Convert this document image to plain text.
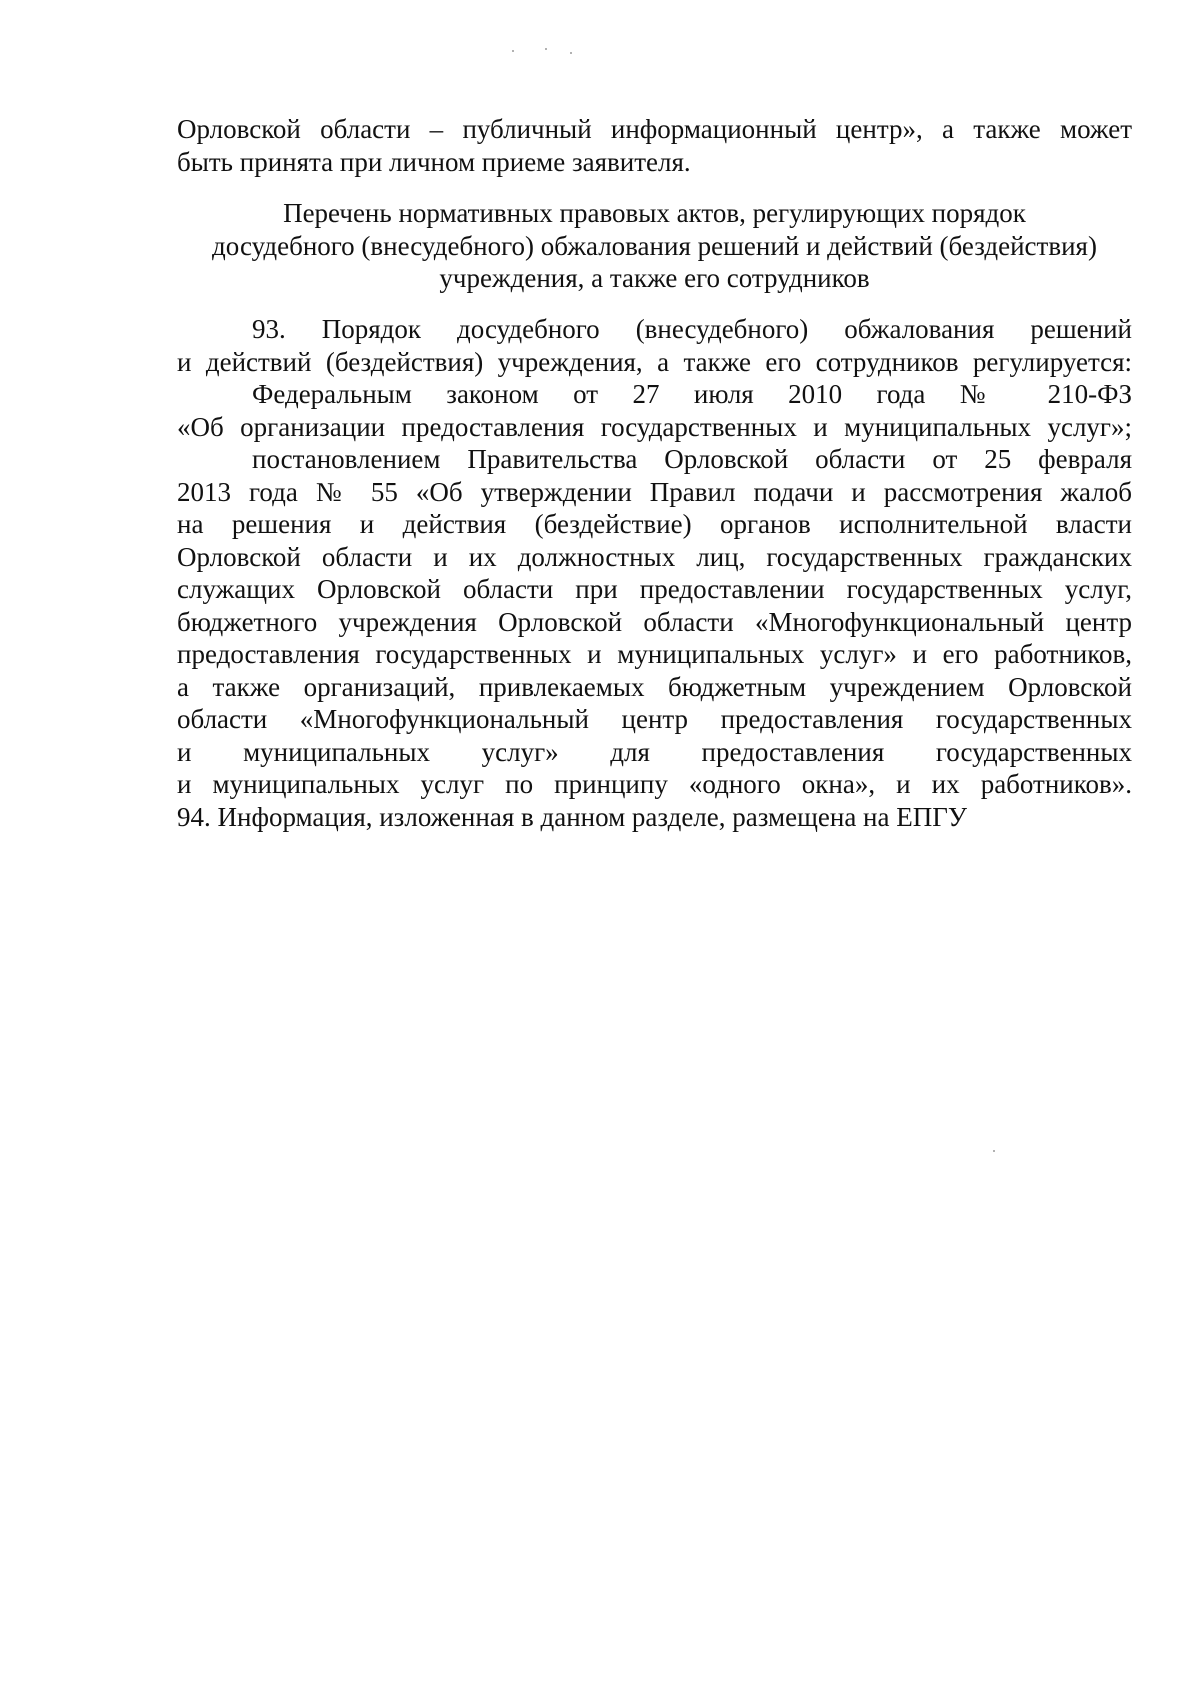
Орловской области – публичный информационный центр», а также может
быть принята при личном приеме заявителя.
Перечень нормативных правовых актов, регулирующих порядок
досудебного (внесудебного) обжалования решений и действий (бездействия)
учреждения, а также его сотрудников
93. Порядок досудебного (внесудебного) обжалования решений
и действий (бездействия) учреждения, а также его сотрудников регулируется:
Федеральным законом от 27 июля 2010 года № 210-ФЗ
«Об организации предоставления государственных и муниципальных услуг»;
постановлением Правительства Орловской области от 25 февраля
2013 года № 55 «Об утверждении Правил подачи и рассмотрения жалоб
на решения и действия (бездействие) органов исполнительной власти
Орловской области и их должностных лиц, государственных гражданских
служащих Орловской области при предоставлении государственных услуг,
бюджетного учреждения Орловской области «Многофункциональный центр
предоставления государственных и муниципальных услуг» и его работников,
а также организаций, привлекаемых бюджетным учреждением Орловской
области «Многофункциональный центр предоставления государственных
и муниципальных услуг» для предоставления государственных
и муниципальных услуг по принципу «одного окна», и их работников».
94. Информация, изложенная в данном разделе, размещена на ЕПГУ
